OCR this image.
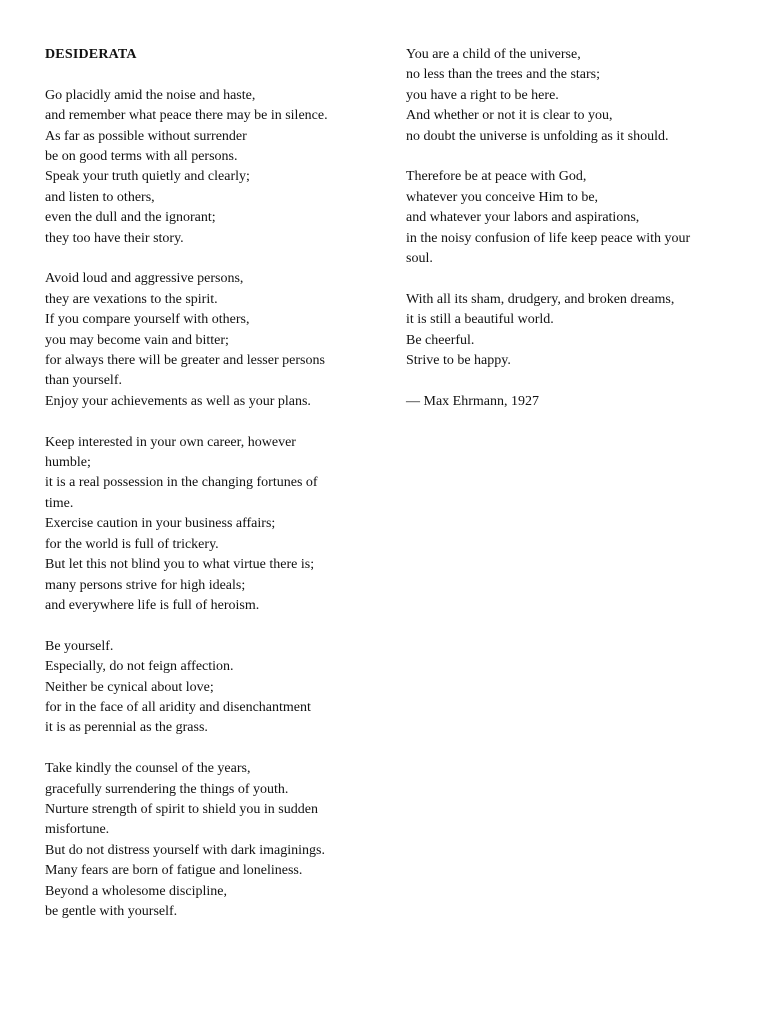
DESIDERATA
Go placidly amid the noise and haste,
and remember what peace there may be in silence.
As far as possible without surrender
be on good terms with all persons.
Speak your truth quietly and clearly;
and listen to others,
even the dull and the ignorant;
they too have their story.
Avoid loud and aggressive persons,
they are vexations to the spirit.
If you compare yourself with others,
you may become vain and bitter;
for always there will be greater and lesser persons
than yourself.
Enjoy your achievements as well as your plans.
Keep interested in your own career, however
humble;
it is a real possession in the changing fortunes of
time.
Exercise caution in your business affairs;
for the world is full of trickery.
But let this not blind you to what virtue there is;
many persons strive for high ideals;
and everywhere life is full of heroism.
Be yourself.
Especially, do not feign affection.
Neither be cynical about love;
for in the face of all aridity and disenchantment
it is as perennial as the grass.
Take kindly the counsel of the years,
gracefully surrendering the things of youth.
Nurture strength of spirit to shield you in sudden
misfortune.
But do not distress yourself with dark imaginings.
Many fears are born of fatigue and loneliness.
Beyond a wholesome discipline,
be gentle with yourself.
You are a child of the universe,
no less than the trees and the stars;
you have a right to be here.
And whether or not it is clear to you,
no doubt the universe is unfolding as it should.
Therefore be at peace with God,
whatever you conceive Him to be,
and whatever your labors and aspirations,
in the noisy confusion of life keep peace with your
soul.
With all its sham, drudgery, and broken dreams,
it is still a beautiful world.
Be cheerful.
Strive to be happy.
— Max Ehrmann, 1927
